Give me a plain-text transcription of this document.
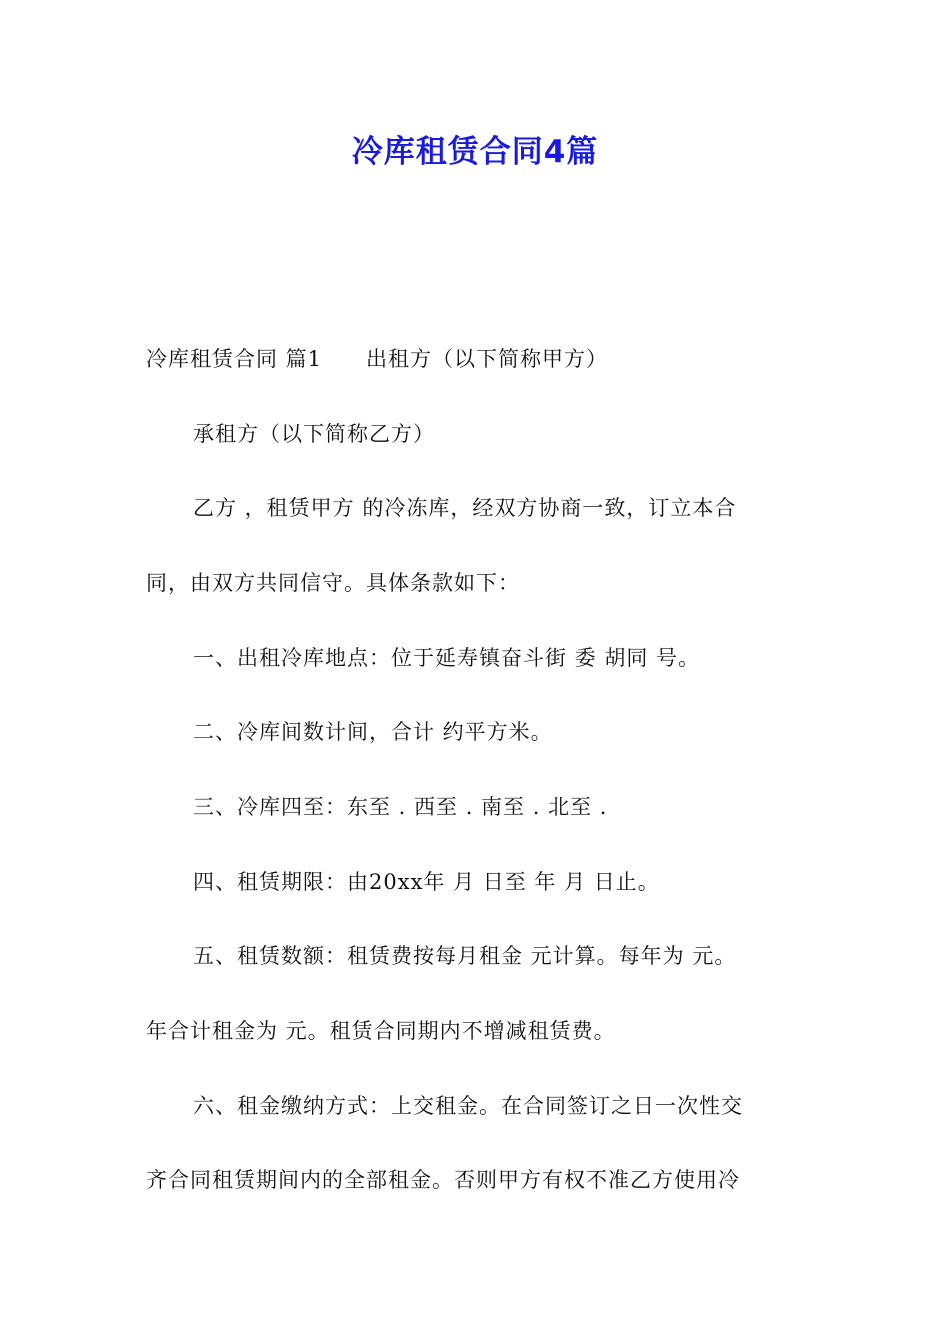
冷库租赁合同4篇
冷库租赁合同 篇1 出租方（以下简称甲方）
承租方（以下简称乙方）
乙方 ，租赁甲方 的冷冻库，经双方协商一致，订立本合
同，由双方共同信守。具体条款如下：
一、出租冷库地点：位于延寿镇奋斗街 委 胡同 号。
二、冷库间数计间，合计 约平方米。
三、冷库四至：东至 . 西至 . 南至 . 北至 .
四、租赁期限：由20xx年 月 日至 年 月 日止。
五、租赁数额：租赁费按每月租金 元计算。每年为 元。
年合计租金为 元。租赁合同期内不增减租赁费。
六、租金缴纳方式：上交租金。在合同签订之日一次性交
齐合同租赁期间内的全部租金。否则甲方有权不准乙方使用冷
